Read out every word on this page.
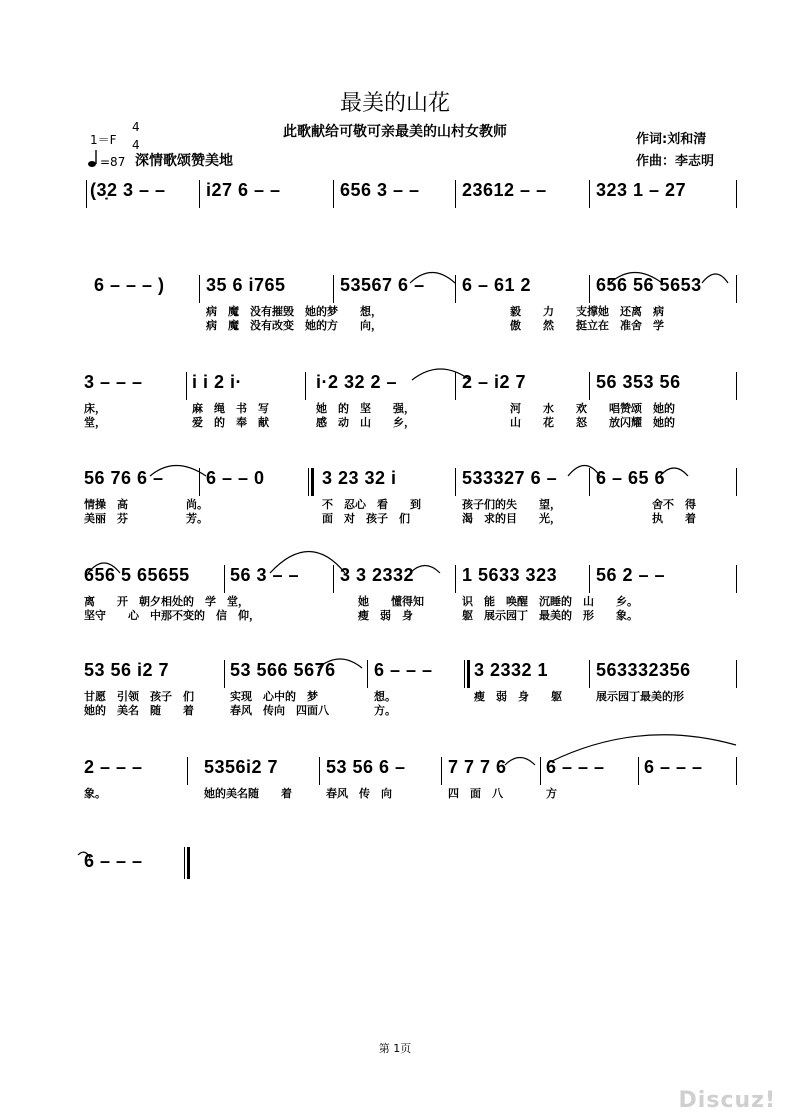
最美的山花
此歌献给可敬可亲最美的山村女教师
1＝F
4
4
=87 深情歌颂赞美地
作词:刘和清
作曲：李志明
(3̣2 3 – – i27 6 – –	656 3 – – 23612 – –	323 1 – 27
6 – – – ) 35 6 i765	53567 6 – 6 – 61 2	656 56 5653
病　魔　没有摧毁　她的梦　　想，	毅　　力　　支撑她　还离　病
病　魔　没有改变　她的方　　向，	傲　　然　　挺立在　准舍　学
3 – – –	i i 2 i·	i·2 32 2 –	2 – i2 7	56 353 56
床，	麻　绳　书　写	她　的　坚　　强，	河　　水　　欢　　唱赞颂　她的
堂，	爱　的　奉　献	感　动　山　　乡，	山　　花　　怒　　放闪耀　她的
56 76 6 – 6 – – 0	3 23 32 i	533327 6 – 6 – 65 6
情操　高	尚。	不　忍心　看　　到	孩子们的失　　望，	舍不　得
美丽　芬	芳。	面　对　孩子　们	渴　求的目　　光，	执　　着
656 5 65655 56 3 – – 3 3 2332	1 5633 323 56 2 – –
离　　开　朝夕相处的　学　堂，	她　　懂得知	识　能　唤醒　沉睡的　山　　乡。
坚守　　心　中那不变的　信　仰，	瘦　弱　身	躯　展示园丁　最美的　形　　象。
53 56 i2 7	53 566 5676 6 – – – 3 2332 1	563332356
甘愿　引领　孩子　们	实现　心中的　梦	想。	瘦　弱　身　　躯	展示园丁最美的形
她的　美名　随　　着	春风　传向　四面八	方。
2 – – –	5356i2 7	53 56 6 – 7 7 7 6 6 – – – 6 – – –
象。	她的美名随　　着	春风　传　向	四　面　八	方
6 – – –
第 1页
Discuz!
